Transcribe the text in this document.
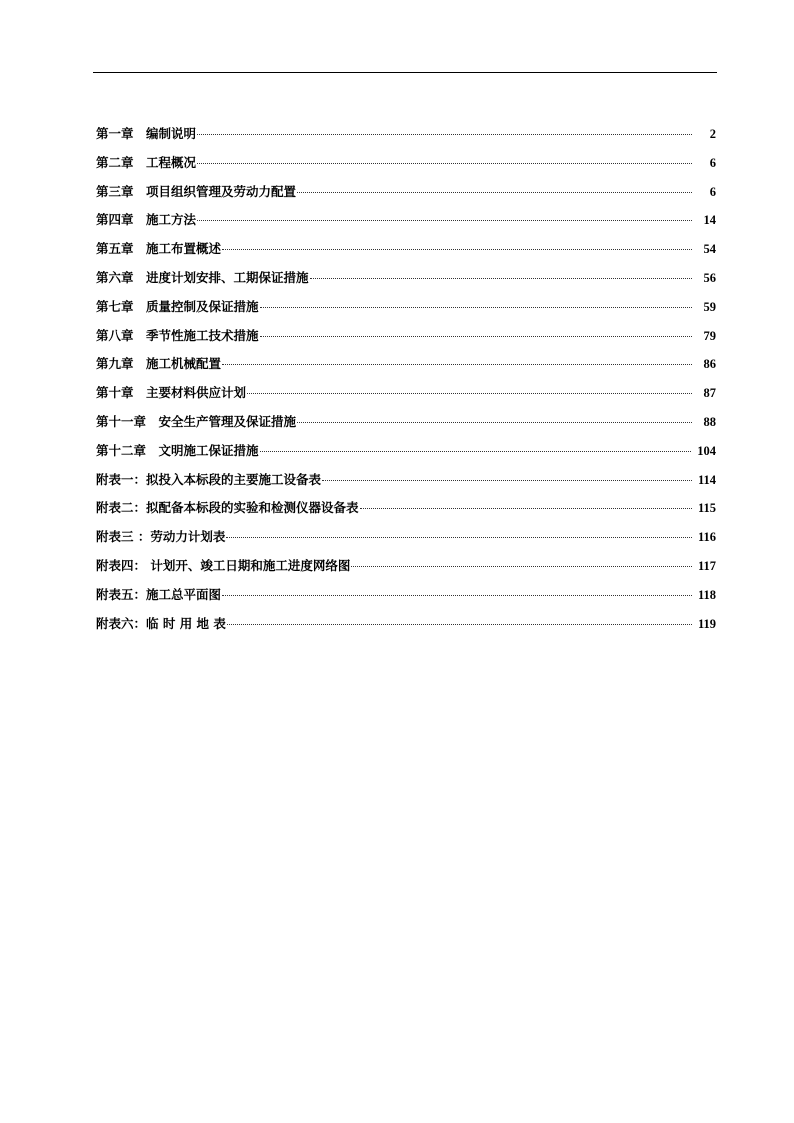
第一章　编制说明	2
第二章　工程概况	6
第三章　项目组织管理及劳动力配置	6
第四章　施工方法	14
第五章　施工布置概述	54
第六章　进度计划安排、工期保证措施	56
第七章　质量控制及保证措施	59
第八章　季节性施工技术措施	79
第九章　施工机械配置	86
第十章　主要材料供应计划	87
第十一章　安全生产管理及保证措施	88
第十二章　文明施工保证措施	104
附表一：拟投入本标段的主要施工设备表	114
附表二：拟配备本标段的实验和检测仪器设备表	115
附表三 ：劳动力计划表	116
附表四： 计划开、竣工日期和施工进度网络图	117
附表五：施工总平面图	118
附表六：临 时 用 地 表	119
